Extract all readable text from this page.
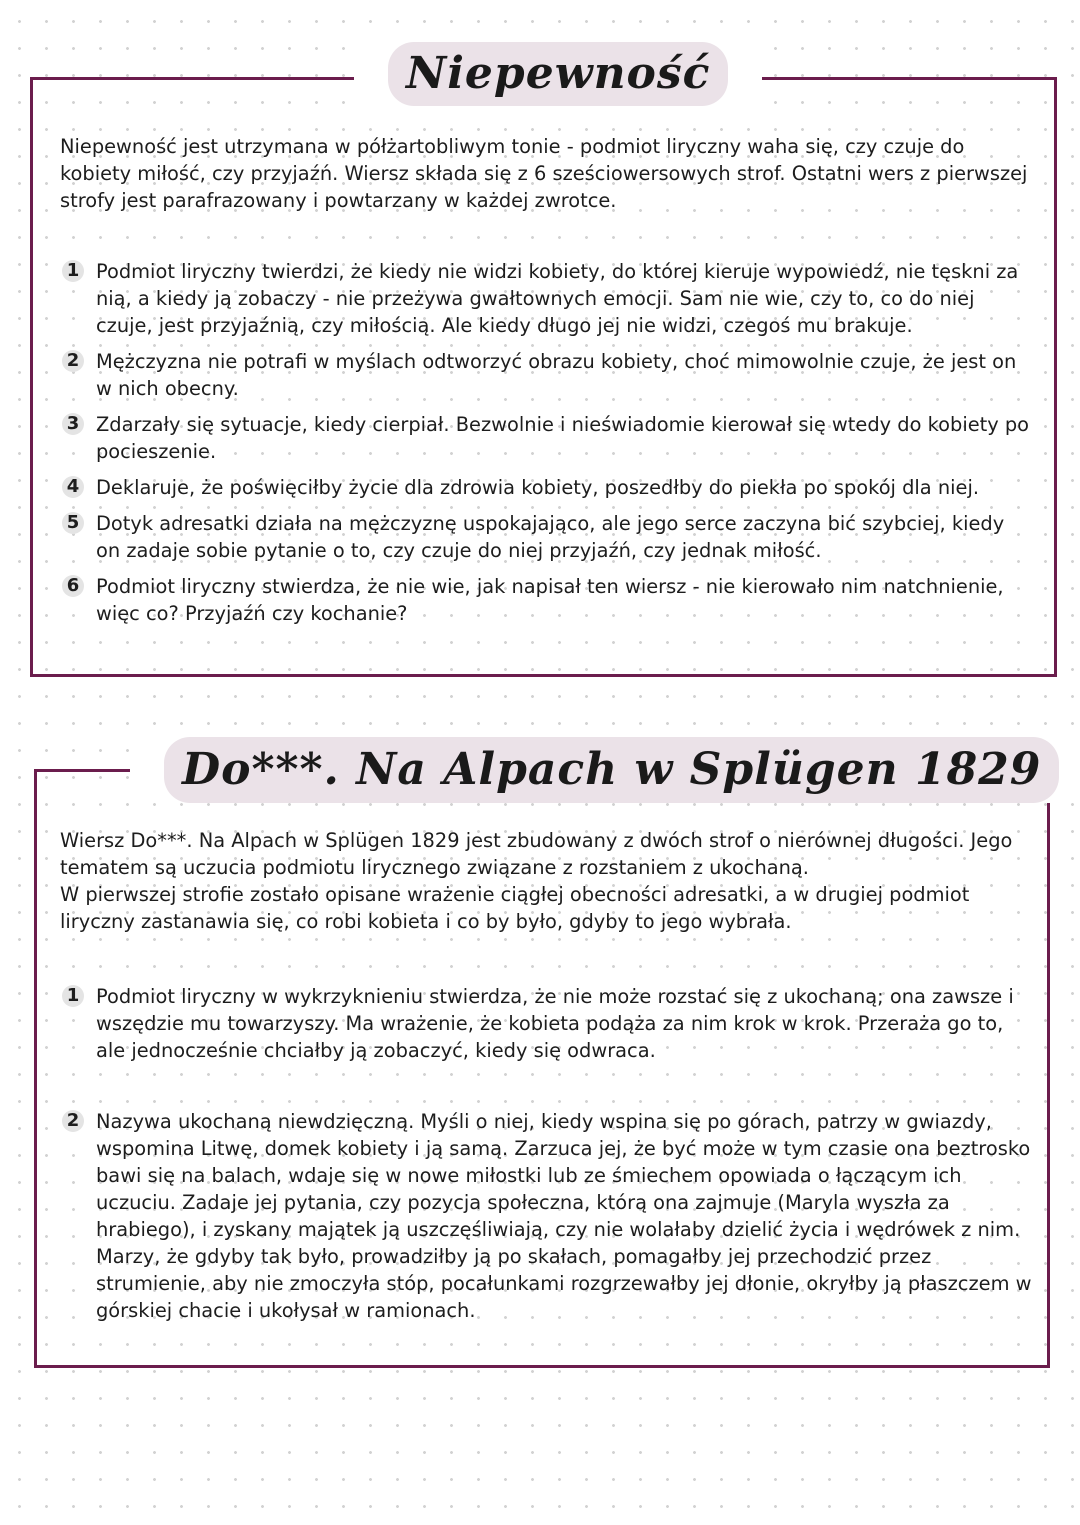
Niepewność

Niepewność jest utrzymana w półżartobliwym tonie - podmiot liryczny waha się, czy czuje do kobiety miłość, czy przyjaźń. Wiersz składa się z 6 sześciowersowych strof. Ostatni wers z pierwszej strofy jest parafrazowany i powtarzany w każdej zwrotce.

1 Podmiot liryczny twierdzi, że kiedy nie widzi kobiety, do której kieruje wypowiedź, nie tęskni za nią, a kiedy ją zobaczy - nie przeżywa gwałtownych emocji. Sam nie wie, czy to, co do niej czuje, jest przyjaźnią, czy miłością. Ale kiedy długo jej nie widzi, czegoś mu brakuje.
2 Mężczyzna nie potrafi w myślach odtworzyć obrazu kobiety, choć mimowolnie czuje, że jest on w nich obecny.
3 Zdarzały się sytuacje, kiedy cierpiał. Bezwolnie i nieświadomie kierował się wtedy do kobiety po pocieszenie.
4 Deklaruje, że poświęciłby życie dla zdrowia kobiety, poszedłby do piekła po spokój dla niej.
5 Dotyk adresatki działa na mężczyznę uspokajająco, ale jego serce zaczyna bić szybciej, kiedy on zadaje sobie pytanie o to, czy czuje do niej przyjaźń, czy jednak miłość.
6 Podmiot liryczny stwierdza, że nie wie, jak napisał ten wiersz - nie kierowało nim natchnienie, więc co? Przyjaźń czy kochanie?
Do***. Na Alpach w Splügen 1829

Wiersz Do***. Na Alpach w Splügen 1829 jest zbudowany z dwóch strof o nierównej długości. Jego tematem są uczucia podmiotu lirycznego związane z rozstaniem z ukochaną.

W pierwszej strofie zostało opisane wrażenie ciągłej obecności adresatki, a w drugiej podmiot liryczny zastanawia się, co robi kobieta i co by było, gdyby to jego wybrała.

1 Podmiot liryczny w wykrzyknieniu stwierdza, że nie może rozstać się z ukochaną; ona zawsze i wszędzie mu towarzyszy. Ma wrażenie, że kobieta podąża za nim krok w krok. Przeraża go to, ale jednocześnie chciałby ją zobaczyć, kiedy się odwraca.
2 Nazywa ukochaną niewdzięczną. Myśli o niej, kiedy wspina się po górach, patrzy w gwiazdy, wspomina Litwę, domek kobiety i ją samą. Zarzuca jej, że być może w tym czasie ona beztrosko bawi się na balach, wdaje się w nowe miłostki lub ze śmiechem opowiada o łączącym ich uczuciu. Zadaje jej pytania, czy pozycja społeczna, którą ona zajmuje (Maryla wyszła za hrabiego), i zyskany majątek ją uszczęśliwiają, czy nie wolałaby dzielić życia i wędrówek z nim. Marzy, że gdyby tak było, prowadziłby ją po skałach, pomagałby jej przechodzić przez strumienie, aby nie zmoczyła stóp, pocałunkami rozgrzewałby jej dłonie, okryłby ją płaszczem w górskiej chacie i ukołysał w ramionach.
